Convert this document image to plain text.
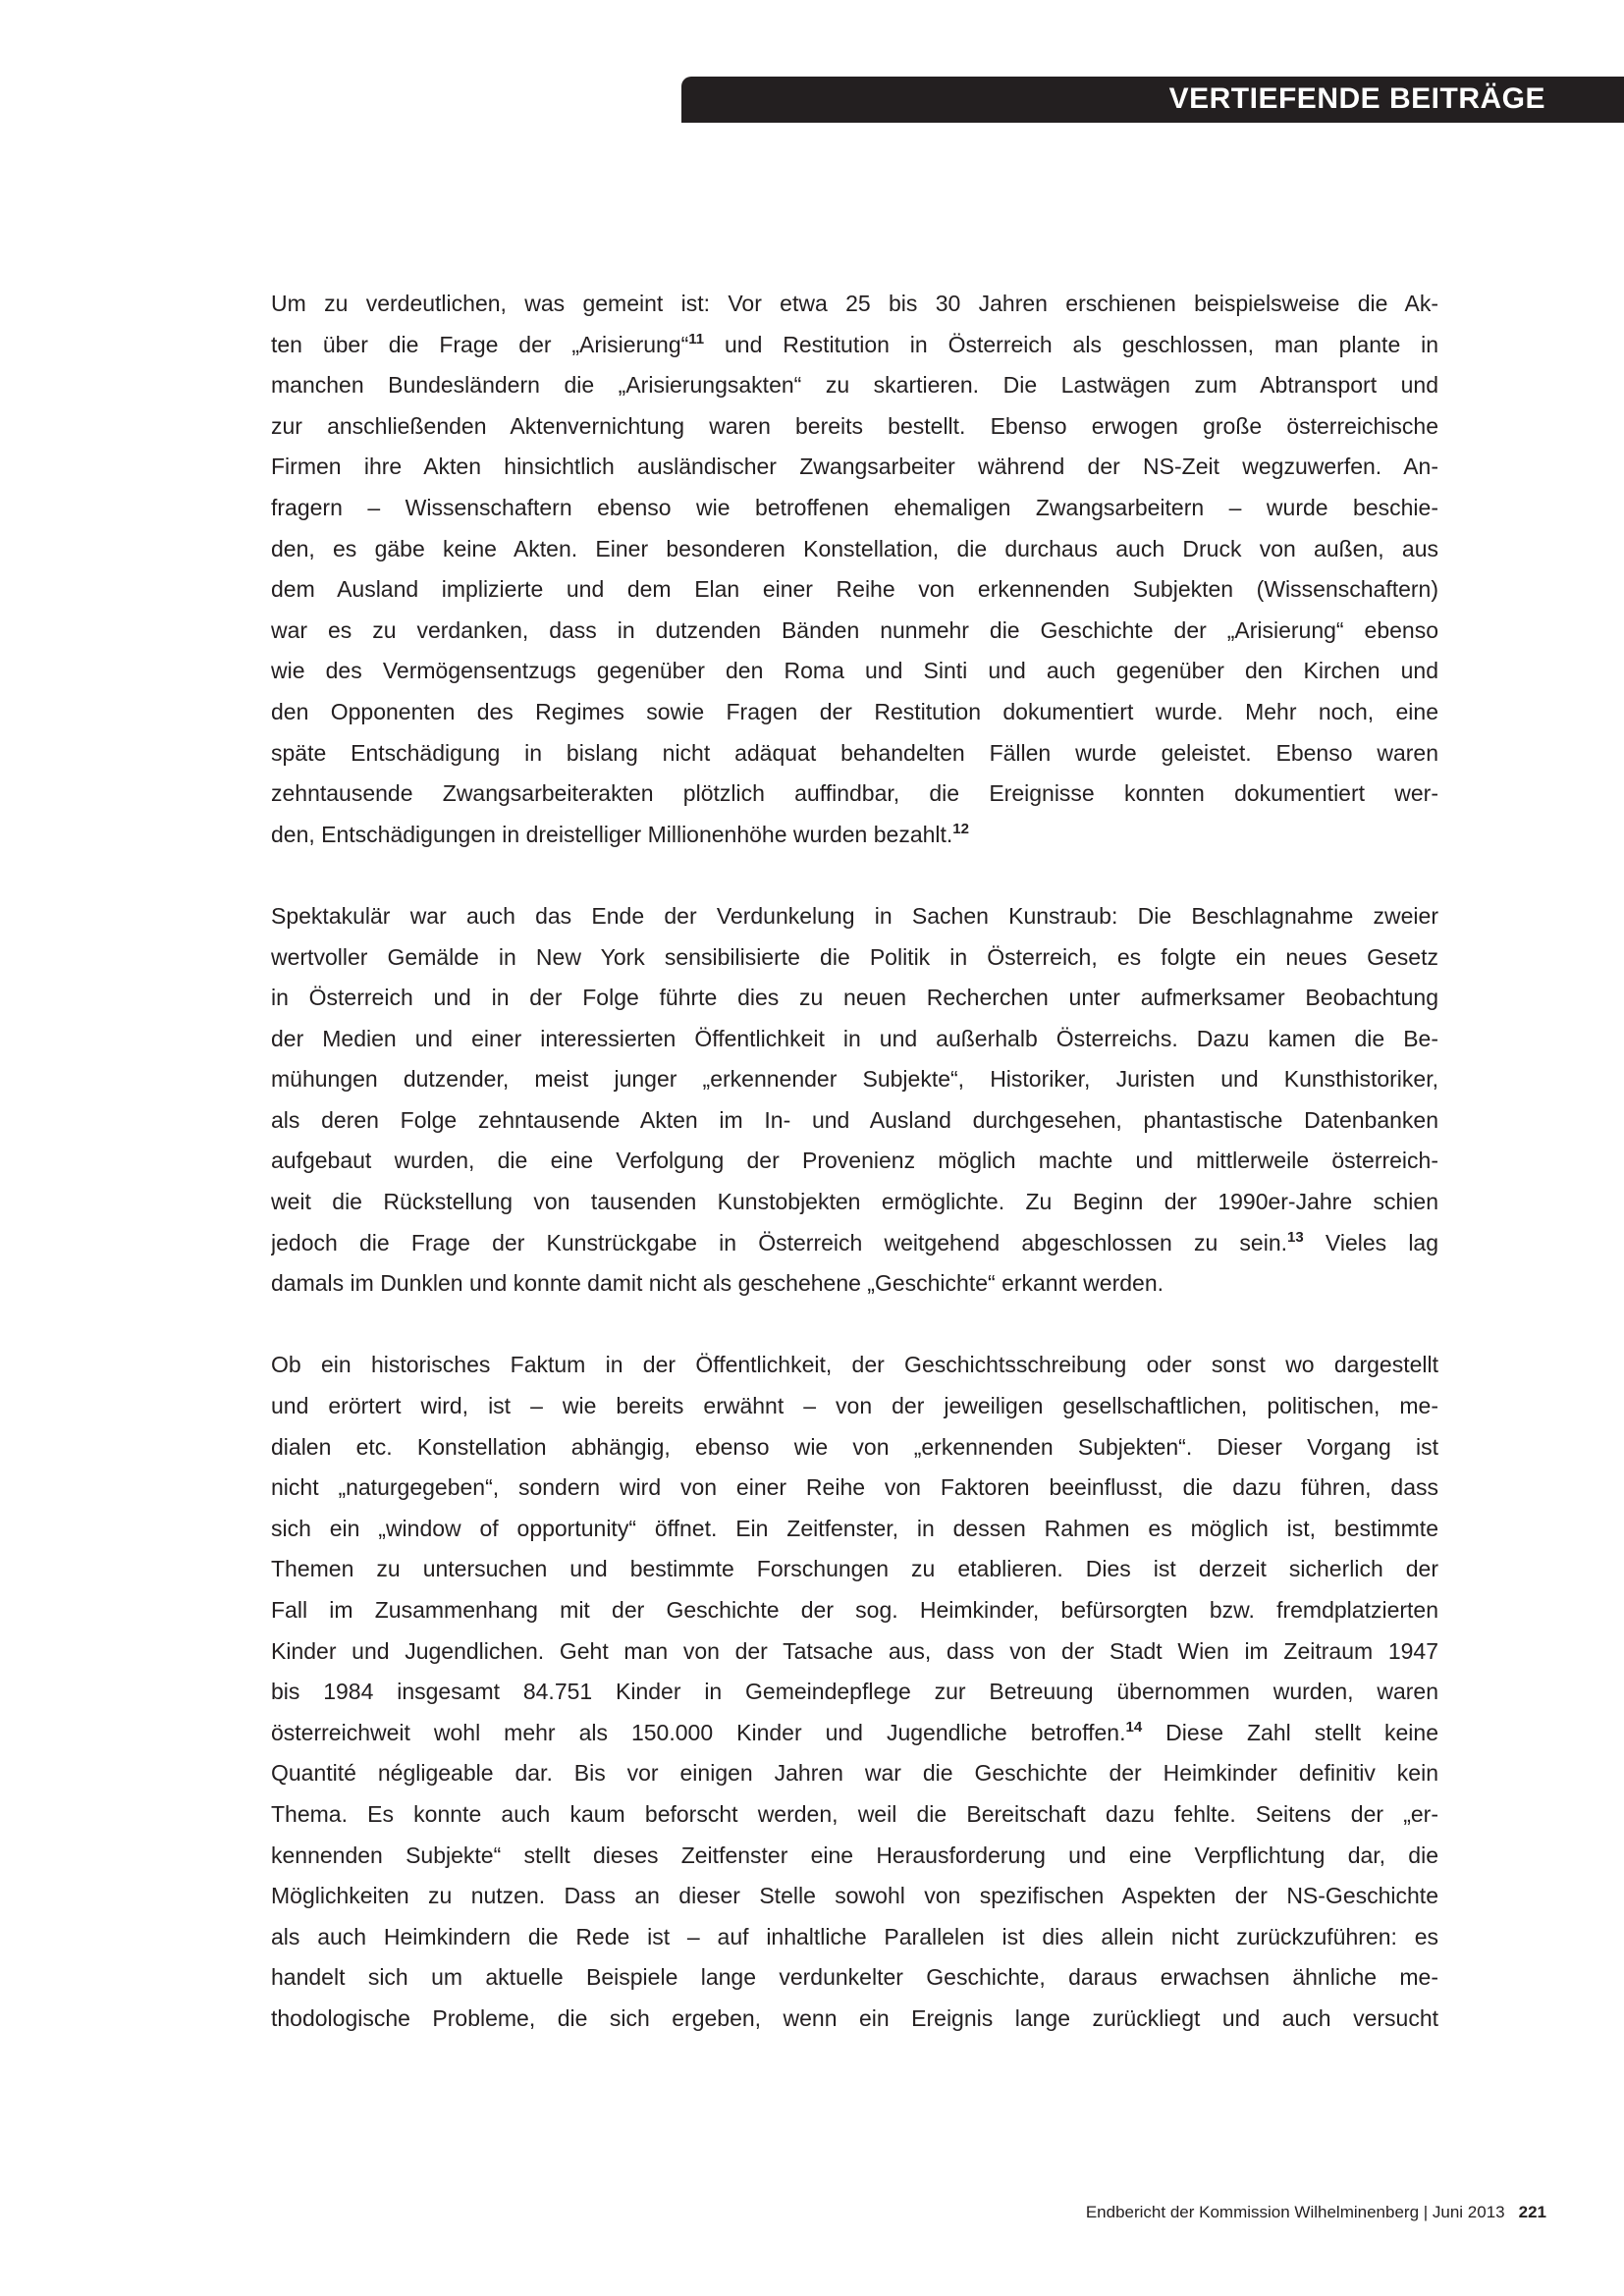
VERTIEFENDE BEITRÄGE
Um zu verdeutlichen, was gemeint ist: Vor etwa 25 bis 30 Jahren erschienen beispielsweise die Ak-
ten über die Frage der „Arisierung“$^{11}$ und Restitution in Österreich als geschlossen, man plante in
manchen Bundesländern die „Arisierungsakten“ zu skartieren. Die Lastwägen zum Abtransport und
zur anschließenden Aktenvernichtung waren bereits bestellt. Ebenso erwogen große österreichische
Firmen ihre Akten hinsichtlich ausländischer Zwangsarbeiter während der NS-Zeit wegzuwerfen. An-
fragern – Wissenschaftern ebenso wie betroffenen ehemaligen Zwangsarbeitern – wurde beschie-
den, es gäbe keine Akten. Einer besonderen Konstellation, die durchaus auch Druck von außen, aus
dem Ausland implizierte und dem Elan einer Reihe von erkennenden Subjekten (Wissenschaftern)
war es zu verdanken, dass in dutzenden Bänden nunmehr die Geschichte der „Arisierung“ ebenso
wie des Vermögensentzugs gegenüber den Roma und Sinti und auch gegenüber den Kirchen und
den Opponenten des Regimes sowie Fragen der Restitution dokumentiert wurde. Mehr noch, eine
späte Entschädigung in bislang nicht adäquat behandelten Fällen wurde geleistet. Ebenso waren
zehntausende Zwangsarbeiterakten plötzlich auffindbar, die Ereignisse konnten dokumentiert wer-
den, Entschädigungen in dreistelliger Millionenhöhe wurden bezahlt.$^{12}$
Spektakulär war auch das Ende der Verdunkelung in Sachen Kunstraub: Die Beschlagnahme zweier
wertvoller Gemälde in New York sensibilisierte die Politik in Österreich, es folgte ein neues Gesetz
in Österreich und in der Folge führte dies zu neuen Recherchen unter aufmerksamer Beobachtung
der Medien und einer interessierten Öffentlichkeit in und außerhalb Österreichs. Dazu kamen die Be-
mühungen dutzender, meist junger „erkennender Subjekte“, Historiker, Juristen und Kunsthistoriker,
als deren Folge zehntausende Akten im In- und Ausland durchgesehen, phantastische Datenbanken
aufgebaut wurden, die eine Verfolgung der Provenienz möglich machte und mittlerweile österreich-
weit die Rückstellung von tausenden Kunstobjekten ermöglichte. Zu Beginn der 1990er-Jahre schien
jedoch die Frage der Kunstrückgabe in Österreich weitgehend abgeschlossen zu sein.$^{13}$ Vieles lag
damals im Dunklen und konnte damit nicht als geschehene „Geschichte“ erkannt werden.
Ob ein historisches Faktum in der Öffentlichkeit, der Geschichtsschreibung oder sonst wo dargestellt
und erörtert wird, ist – wie bereits erwähnt – von der jeweiligen gesellschaftlichen, politischen, me-
dialen etc. Konstellation abhängig, ebenso wie von „erkennenden Subjekten“. Dieser Vorgang ist
nicht „naturgegeben“, sondern wird von einer Reihe von Faktoren beeinflusst, die dazu führen, dass
sich ein „window of opportunity“ öffnet. Ein Zeitfenster, in dessen Rahmen es möglich ist, bestimmte
Themen zu untersuchen und bestimmte Forschungen zu etablieren. Dies ist derzeit sicherlich der
Fall im Zusammenhang mit der Geschichte der sog. Heimkinder, befürsorgten bzw. fremdplatzierten
Kinder und Jugendlichen. Geht man von der Tatsache aus, dass von der Stadt Wien im Zeitraum 1947
bis 1984 insgesamt 84.751 Kinder in Gemeindepflege zur Betreuung übernommen wurden, waren
österreichweit wohl mehr als 150.000 Kinder und Jugendliche betroffen.$^{14}$ Diese Zahl stellt keine
Quantité négligeable dar. Bis vor einigen Jahren war die Geschichte der Heimkinder definitiv kein
Thema. Es konnte auch kaum beforscht werden, weil die Bereitschaft dazu fehlte. Seitens der „er-
kennenden Subjekte“ stellt dieses Zeitfenster eine Herausforderung und eine Verpflichtung dar, die
Möglichkeiten zu nutzen. Dass an dieser Stelle sowohl von spezifischen Aspekten der NS-Geschichte
als auch Heimkindern die Rede ist – auf inhaltliche Parallelen ist dies allein nicht zurückzuführen: es
handelt sich um aktuelle Beispiele lange verdunkelter Geschichte, daraus erwachsen ähnliche me-
thodologische Probleme, die sich ergeben, wenn ein Ereignis lange zurückliegt und auch versucht
Endbericht der Kommission Wilhelminenberg | Juni 2013 221
